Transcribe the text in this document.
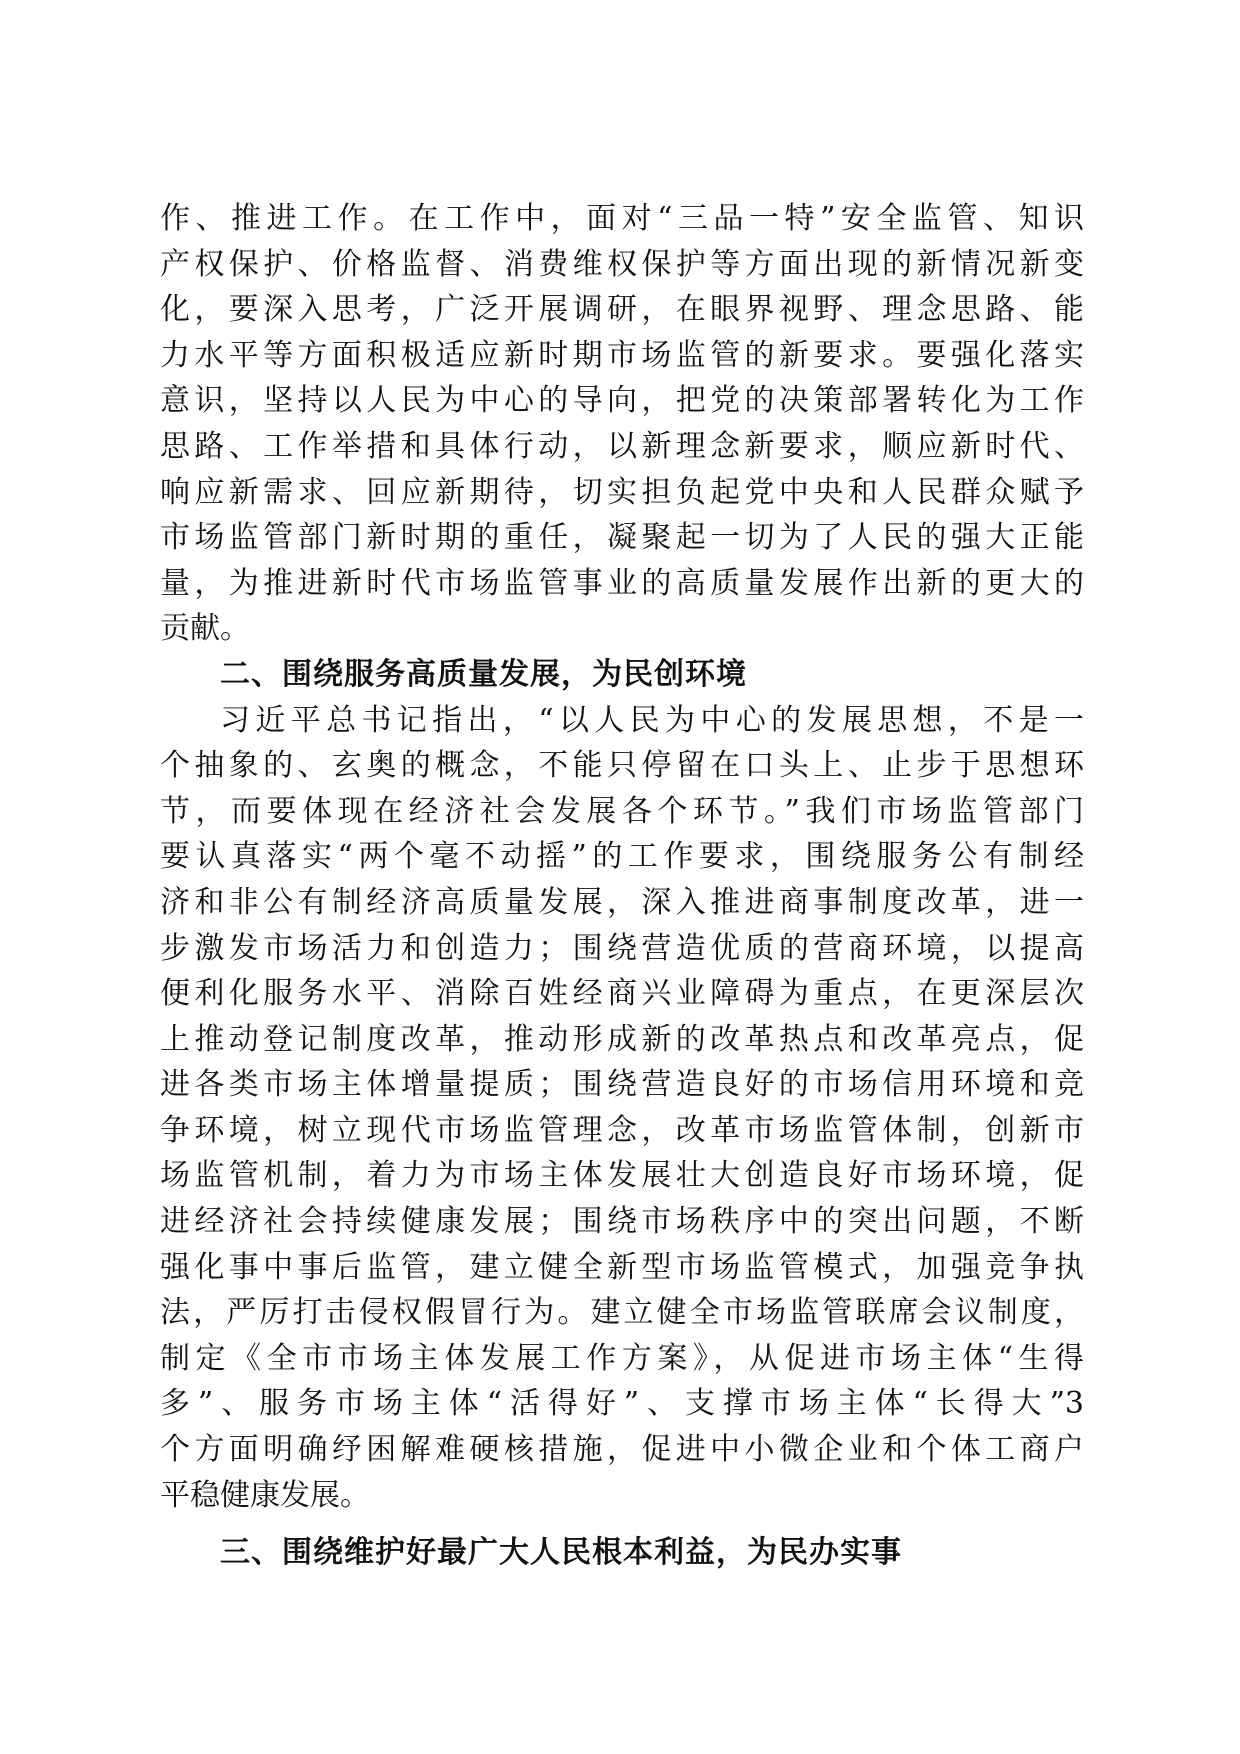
作、推进工作。在工作中，面对“三品一特”安全监管、知识
产权保护、价格监督、消费维权保护等方面出现的新情况新变
化，要深入思考，广泛开展调研，在眼界视野、理念思路、能
力水平等方面积极适应新时期市场监管的新要求。要强化落实
意识，坚持以人民为中心的导向，把党的决策部署转化为工作
思路、工作举措和具体行动，以新理念新要求，顺应新时代、
响应新需求、回应新期待，切实担负起党中央和人民群众赋予
市场监管部门新时期的重任，凝聚起一切为了人民的强大正能
量，为推进新时代市场监管事业的高质量发展作出新的更大的
贡献。
二、围绕服务高质量发展，为民创环境
习近平总书记指出，“以人民为中心的发展思想，不是一
个抽象的、玄奥的概念，不能只停留在口头上、止步于思想环
节，而要体现在经济社会发展各个环节。”我们市场监管部门
要认真落实“两个毫不动摇”的工作要求，围绕服务公有制经
济和非公有制经济高质量发展，深入推进商事制度改革，进一
步激发市场活力和创造力；围绕营造优质的营商环境，以提高
便利化服务水平、消除百姓经商兴业障碍为重点，在更深层次
上推动登记制度改革，推动形成新的改革热点和改革亮点，促
进各类市场主体增量提质；围绕营造良好的市场信用环境和竞
争环境，树立现代市场监管理念，改革市场监管体制，创新市
场监管机制，着力为市场主体发展壮大创造良好市场环境，促
进经济社会持续健康发展；围绕市场秩序中的突出问题，不断
强化事中事后监管，建立健全新型市场监管模式，加强竞争执
法，严厉打击侵权假冒行为。建立健全市场监管联席会议制度，
制定《全市市场主体发展工作方案》，从促进市场主体“生得
多”、服务市场主体“活得好”、支撑市场主体“长得大”3
个方面明确纾困解难硬核措施，促进中小微企业和个体工商户
平稳健康发展。
三、围绕维护好最广大人民根本利益，为民办实事
